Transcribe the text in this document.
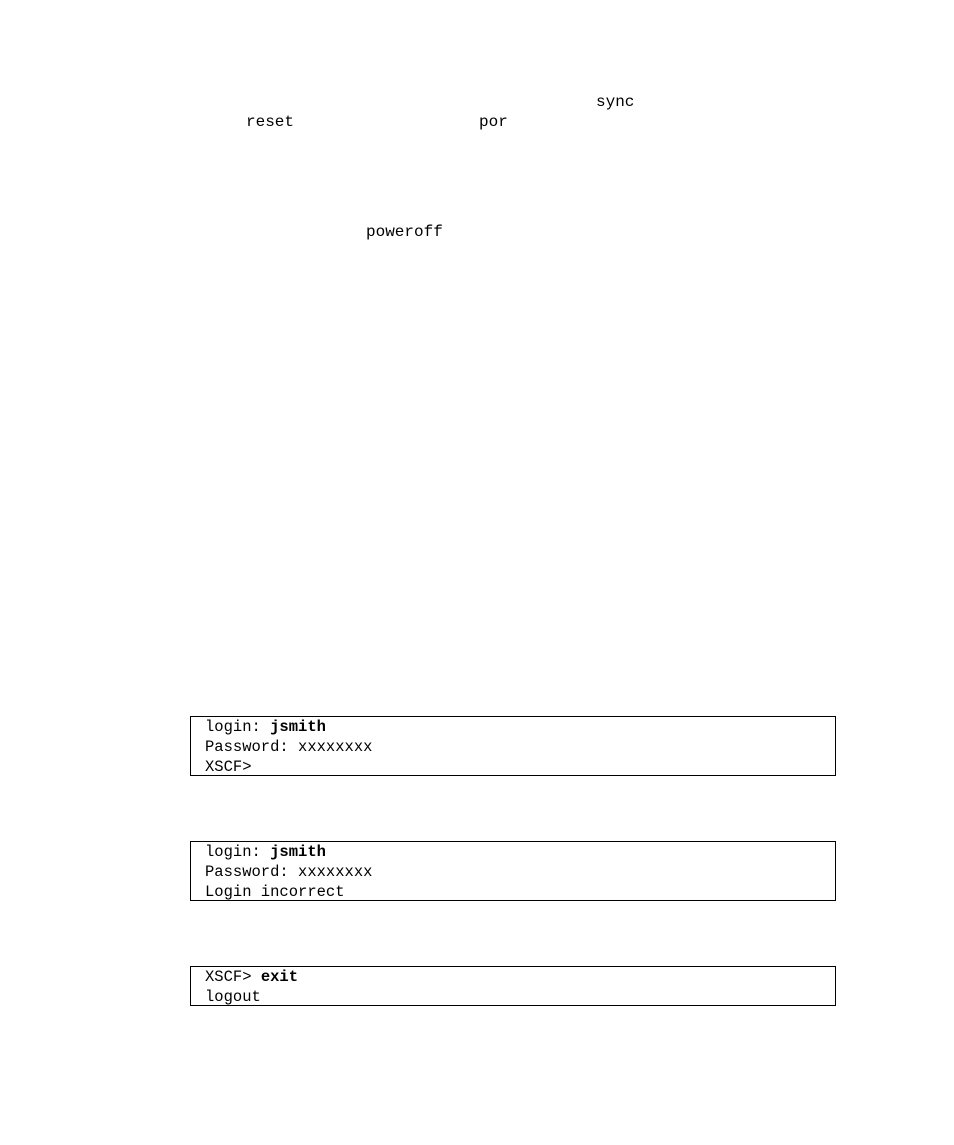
sync
reset	por
poweroff
login: jsmith
Password: xxxxxxxx
XSCF>
login: jsmith
Password: xxxxxxxx
Login incorrect
XSCF> exit
logout
